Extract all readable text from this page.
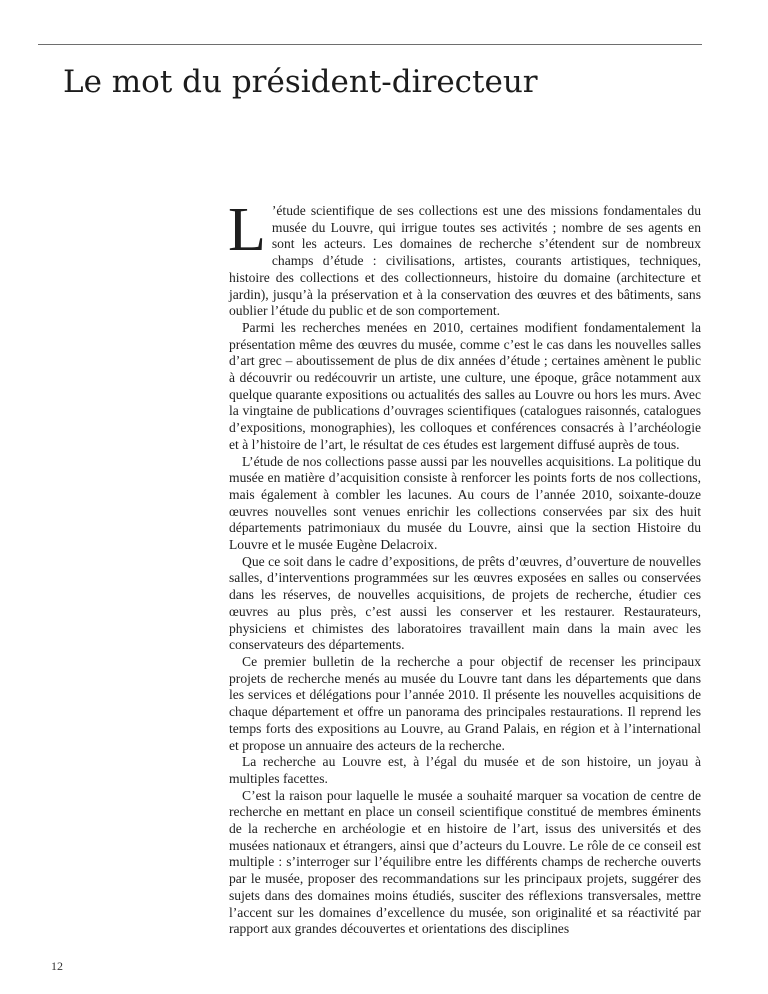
Le mot du président-directeur

L ’étude scientifique de ses collections est une des missions fondamentales du musée du Louvre, qui irrigue toutes ses activités ; nombre de ses agents en sont les acteurs. Les domaines de recherche s’étendent sur de nombreux champs d’étude : civilisations, artistes, courants artistiques, techniques, histoire des collections et des collectionneurs, histoire du domaine (architecture et jardin), jusqu’à la préservation et à la conservation des œuvres et des bâtiments, sans oublier l’étude du public et de son comportement.

Parmi les recherches menées en 2010, certaines modifient fondamentalement la présentation même des œuvres du musée, comme c’est le cas dans les nouvelles salles d’art grec – aboutissement de plus de dix années d’étude ; certaines amènent le public à découvrir ou redécouvrir un artiste, une culture, une époque, grâce notamment aux quelque quarante expositions ou actualités des salles au Louvre ou hors les murs. Avec la vingtaine de publications d’ouvrages scientifiques (catalogues raisonnés, catalogues d’expositions, monographies), les colloques et conférences consacrés à l’archéologie et à l’histoire de l’art, le résultat de ces études est largement diffusé auprès de tous.

L’étude de nos collections passe aussi par les nouvelles acquisitions. La politique du musée en matière d’acquisition consiste à renforcer les points forts de nos collections, mais également à combler les lacunes. Au cours de l’année 2010, soixante-douze œuvres nouvelles sont venues enrichir les collections conservées par six des huit départements patrimoniaux du musée du Louvre, ainsi que la section Histoire du Louvre et le musée Eugène Delacroix.

Que ce soit dans le cadre d’expositions, de prêts d’œuvres, d’ouverture de nouvelles salles, d’interventions programmées sur les œuvres exposées en salles ou conservées dans les réserves, de nouvelles acquisitions, de projets de recherche, étudier ces œuvres au plus près, c’est aussi les conserver et les restaurer. Restaurateurs, physiciens et chimistes des laboratoires travaillent main dans la main avec les conservateurs des départements.

Ce premier bulletin de la recherche a pour objectif de recenser les principaux projets de recherche menés au musée du Louvre tant dans les départements que dans les services et délégations pour l’année 2010. Il présente les nouvelles acquisitions de chaque département et offre un panorama des principales restaurations. Il reprend les temps forts des expositions au Louvre, au Grand Palais, en région et à l’international et propose un annuaire des acteurs de la recherche.

La recherche au Louvre est, à l’égal du musée et de son histoire, un joyau à multiples facettes.

C’est la raison pour laquelle le musée a souhaité marquer sa vocation de centre de recherche en mettant en place un conseil scientifique constitué de membres éminents de la recherche en archéologie et en histoire de l’art, issus des universités et des musées nationaux et étrangers, ainsi que d’acteurs du Louvre. Le rôle de ce conseil est multiple : s’interroger sur l’équilibre entre les différents champs de recherche ouverts par le musée, proposer des recommandations sur les principaux projets, suggérer des sujets dans des domaines moins étudiés, susciter des réflexions transversales, mettre l’accent sur les domaines d’excellence du musée, son originalité et sa réactivité par rapport aux grandes découvertes et orientations des disciplines

12
